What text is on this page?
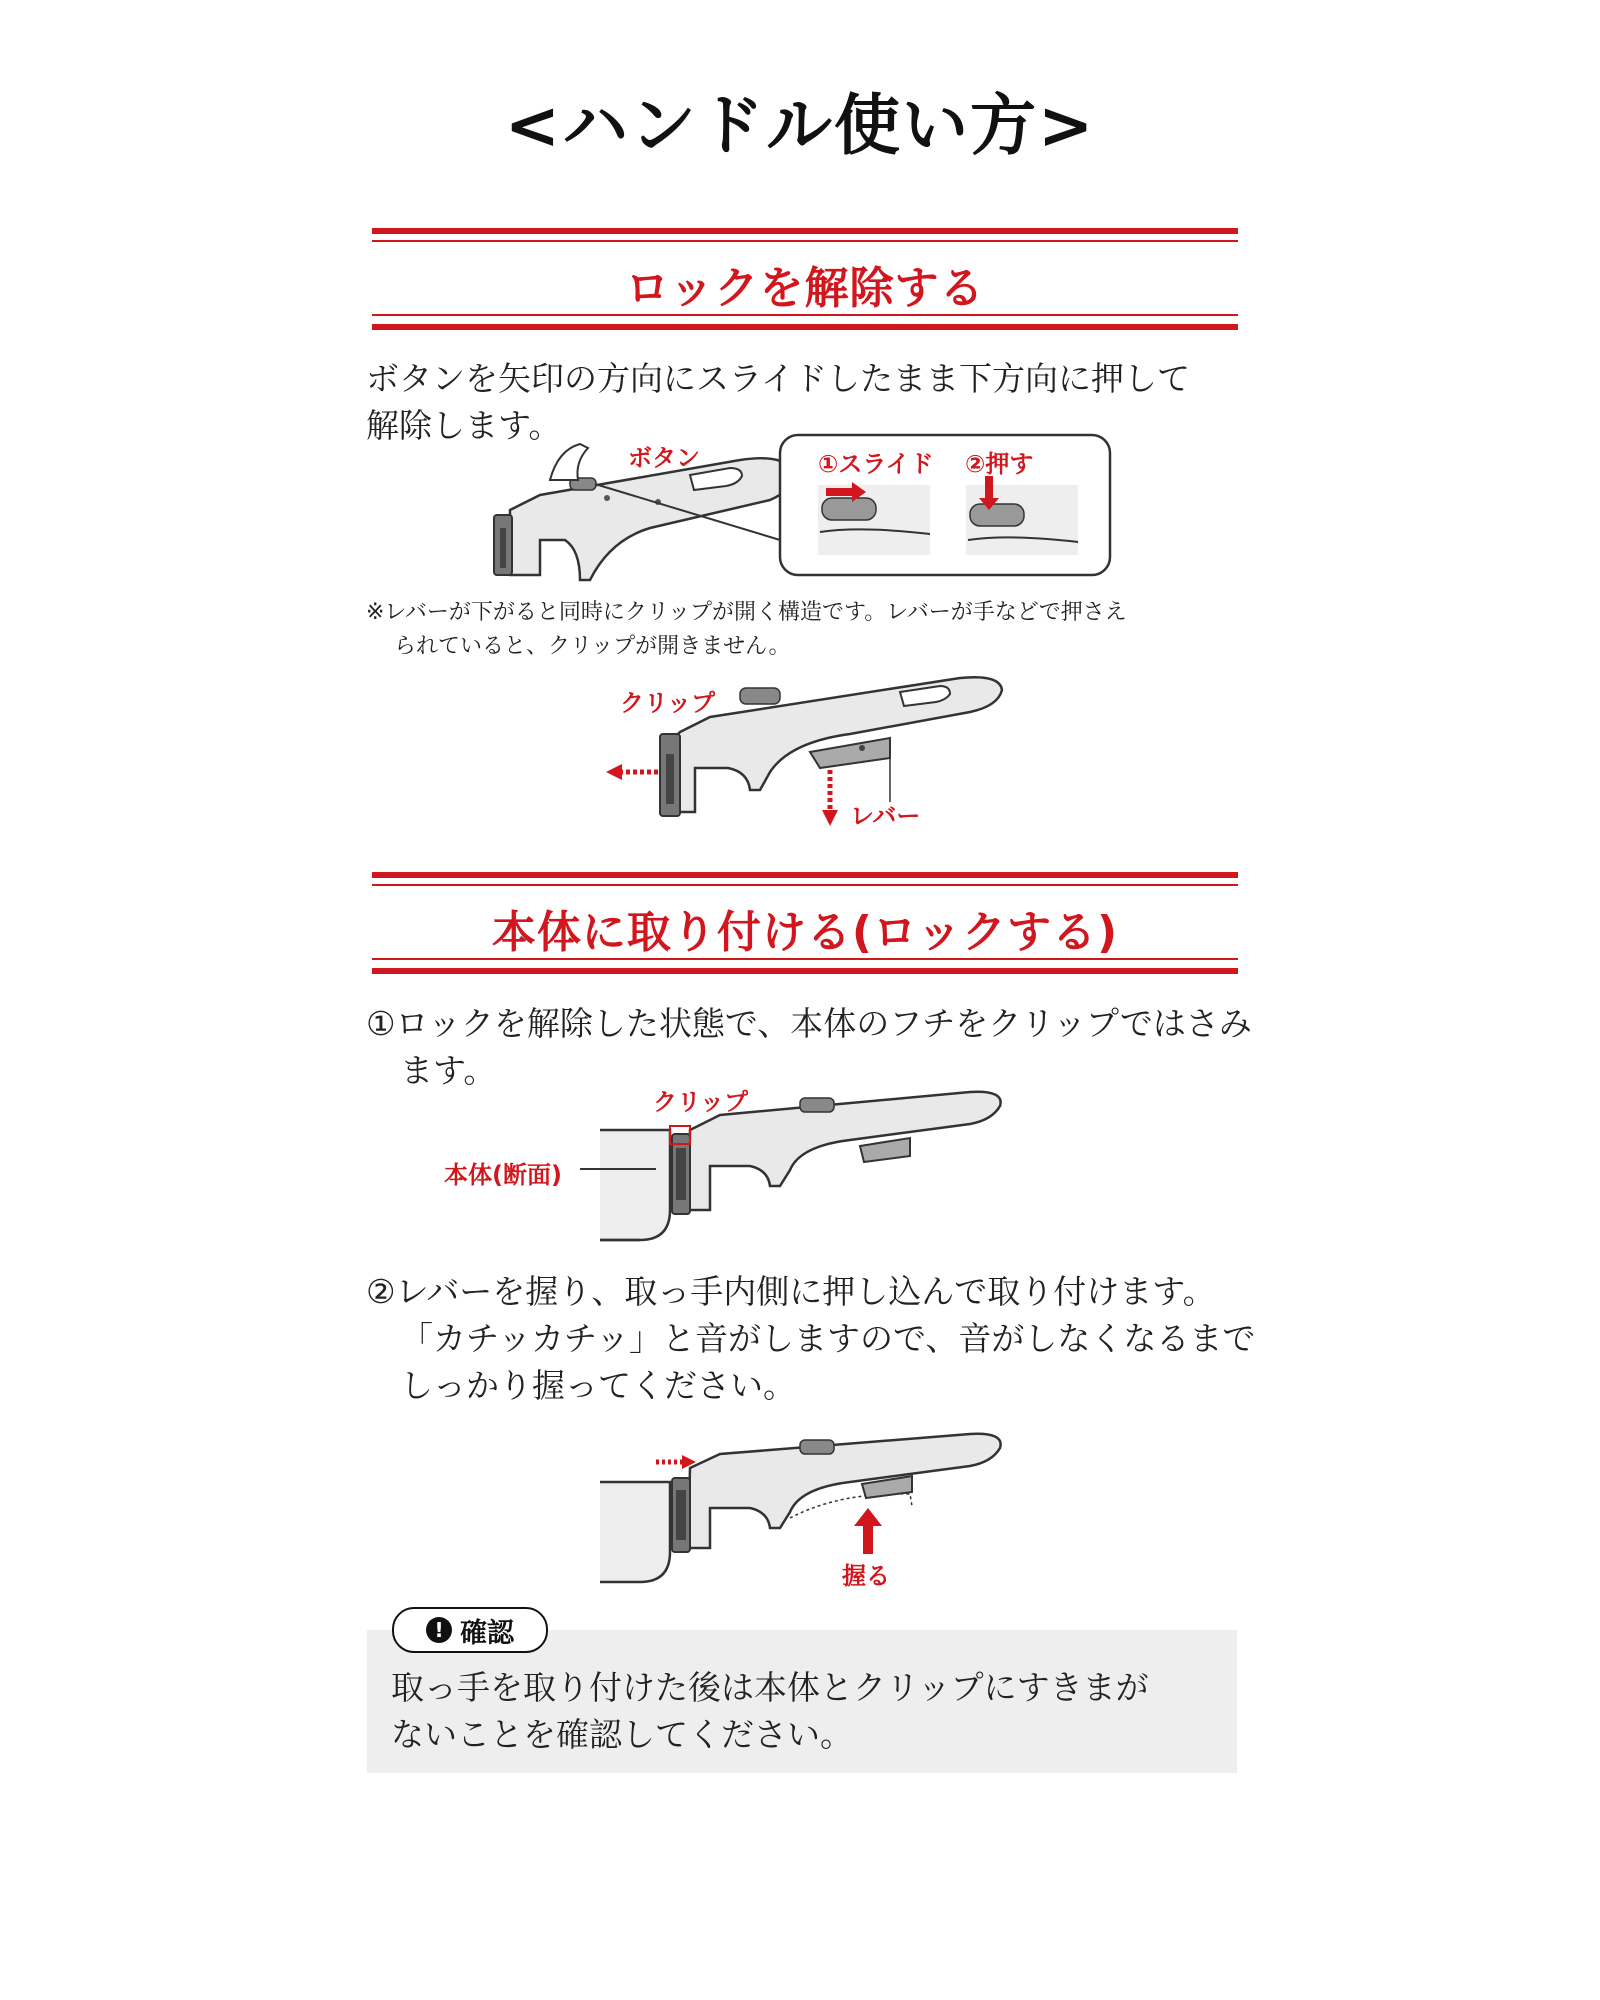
<ハンドル使い方>
ロックを解除する
ボタンを矢印の方向にスライドしたまま下方向に押して
解除します。
ボタン	①スライド ②押す
※レバーが下がると同時にクリップが開く構造です。レバーが手などで押さえ
られていると、クリップが開きません。
クリップ
レバー
本体に取り付ける(ロックする)
①ロックを解除した状態で、本体のフチをクリップではさみ
ます。
クリップ
本体(断面)
②レバーを握り、取っ手内側に押し込んで取り付けます。
「カチッカチッ」と音がしますので、音がしなくなるまで
しっかり握ってください。
握る
取っ手を取り付けた後は本体とクリップにすきまが
ないことを確認してください。
! 確認
